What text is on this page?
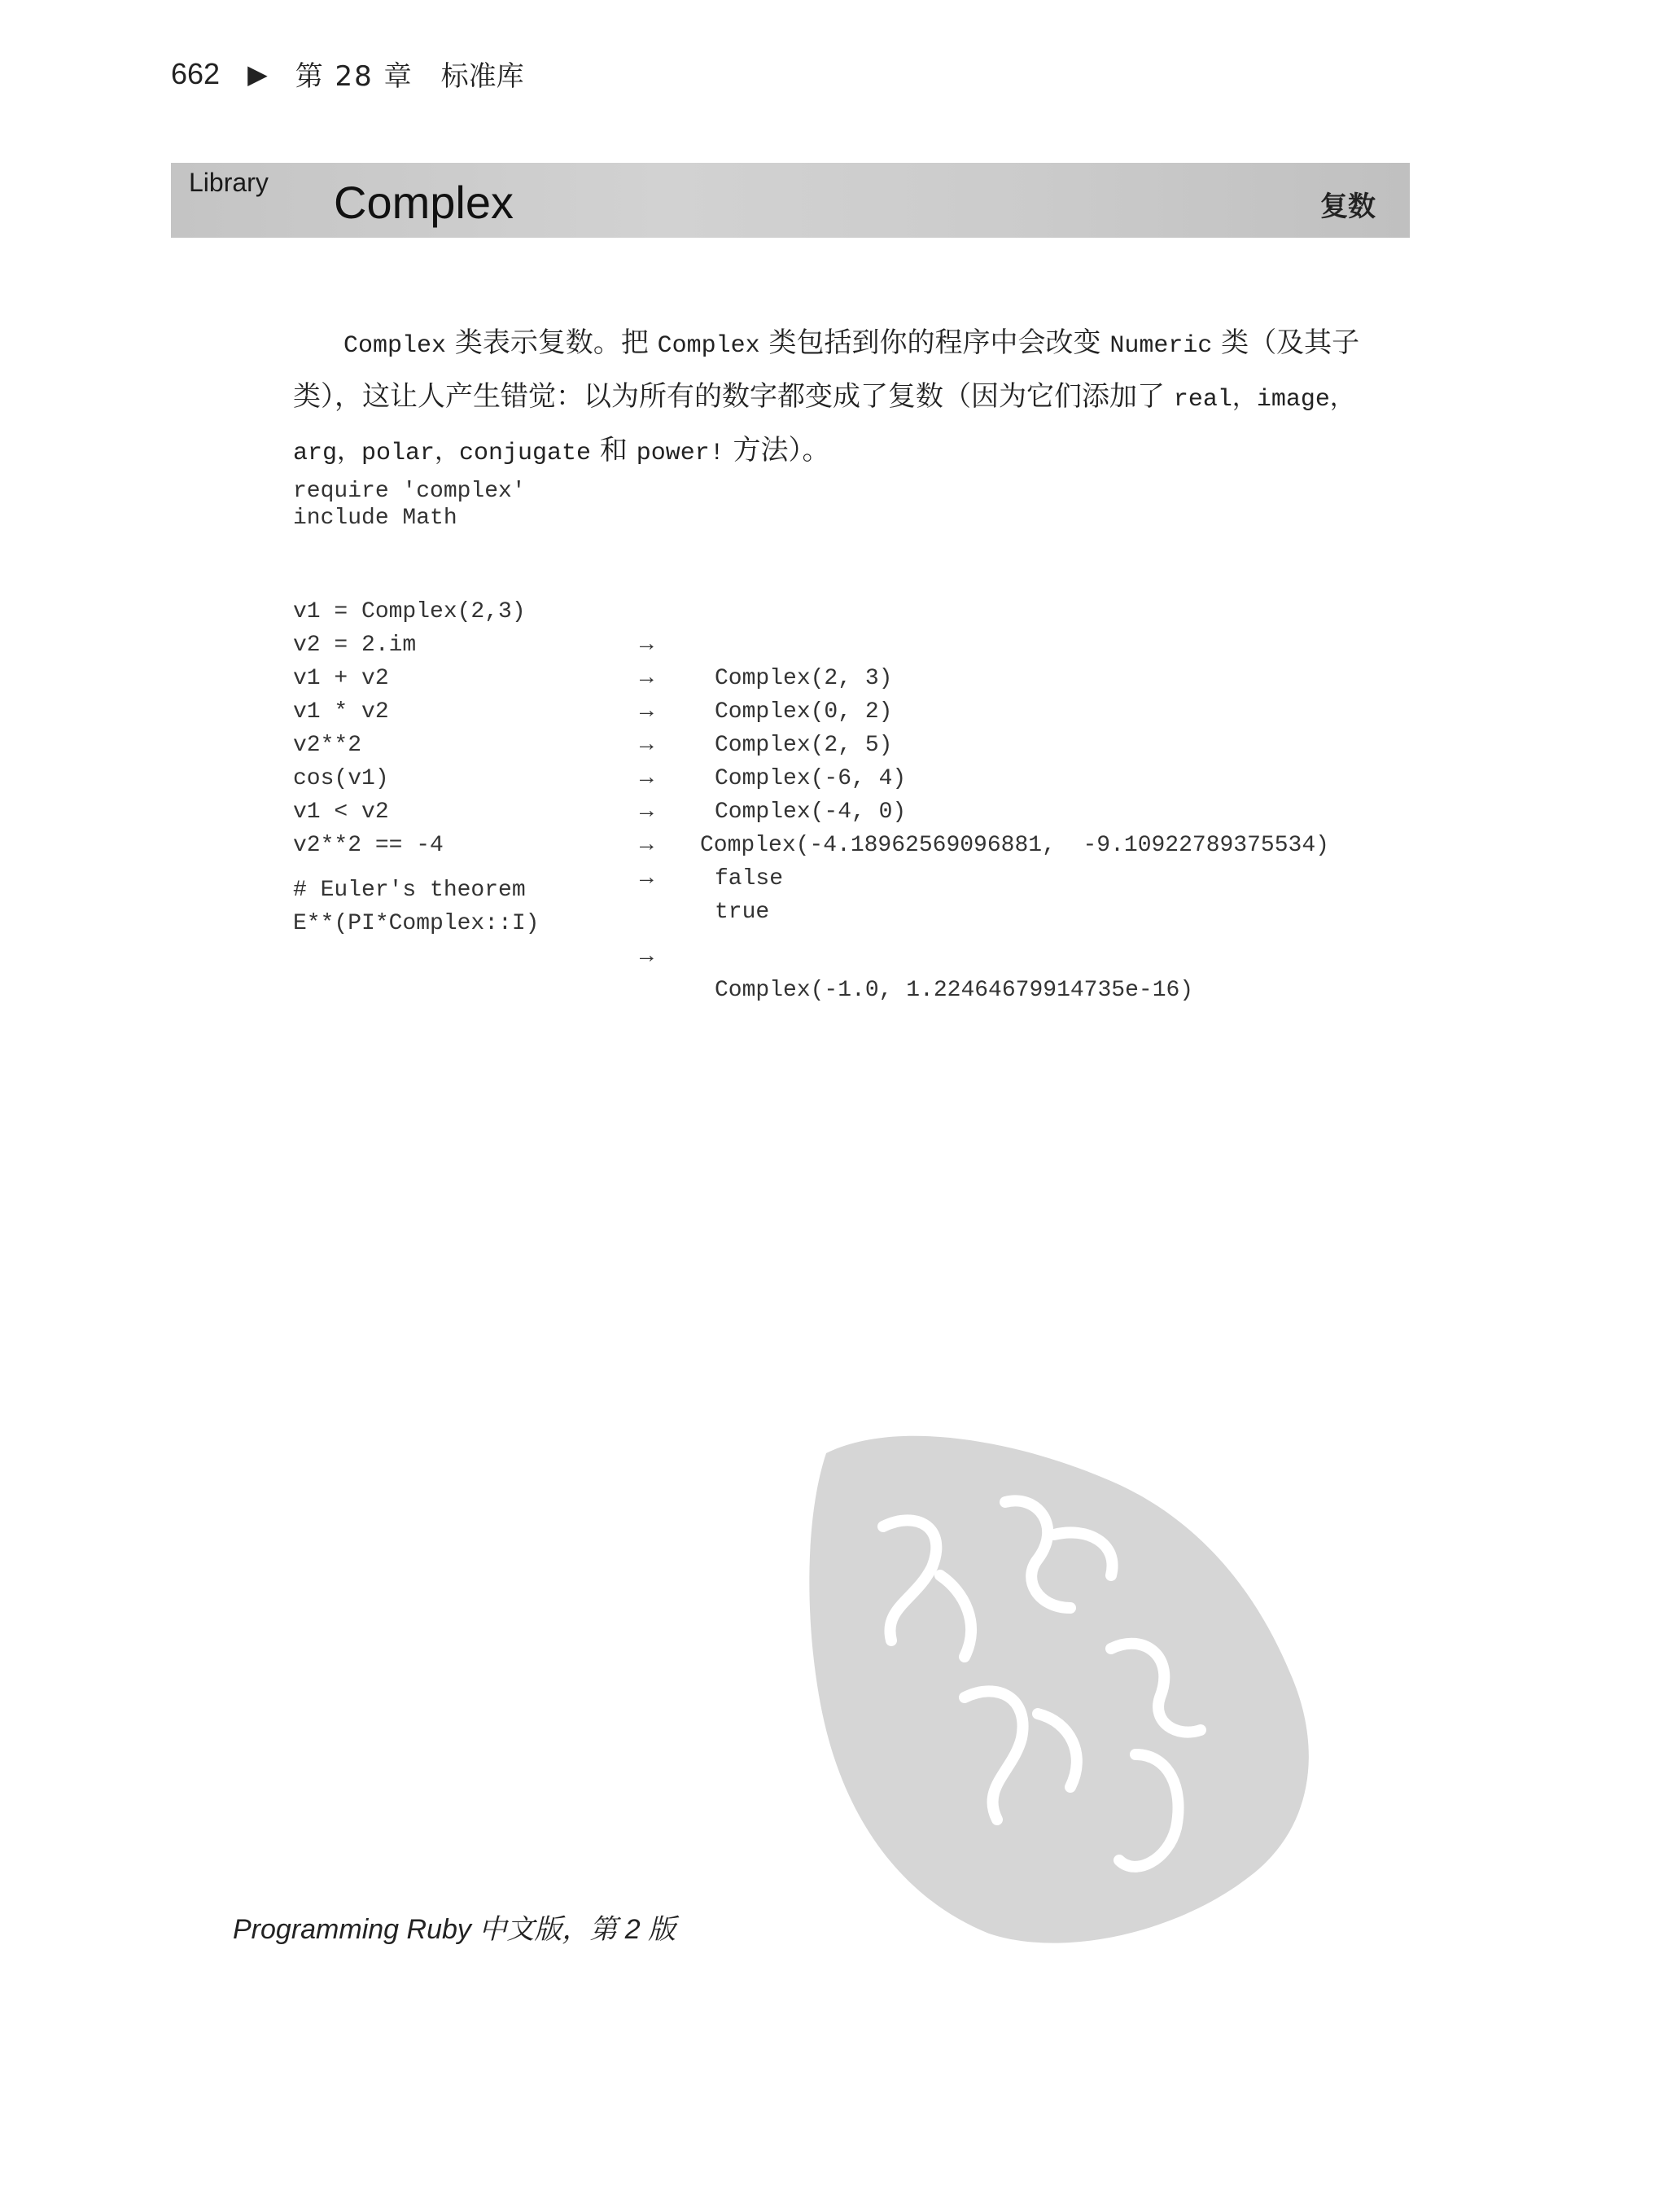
662 ▶ 第 28 章 标准库
Library Complex	复数

Complex 类表示复数。把 Complex 类包括到你的程序中会改变 Numeric 类（及其子类），这让人产生错觉：以为所有的数字都变成了复数（因为它们添加了 real，image，arg，polar，conjugate 和 power! 方法）。

require 'complex'
include Math

v1 = Complex(2,3)

→

Complex(2, 3)

v2 = 2.im

→

Complex(0, 2)

v1 + v2

→

Complex(2, 5)

v1 * v2

→

Complex(-6, 4)

v2**2

→

Complex(-4, 0)

cos(v1)

→

Complex(-4.18962569096881,  -9.10922789375534)

v1 < v2

→

false

v2**2 == -4

→

true

# Euler's theorem

E**(PI*Complex::I)

→

Complex(-1.0, 1.22464679914735e-16)

Programming Ruby 中文版，第 2 版
